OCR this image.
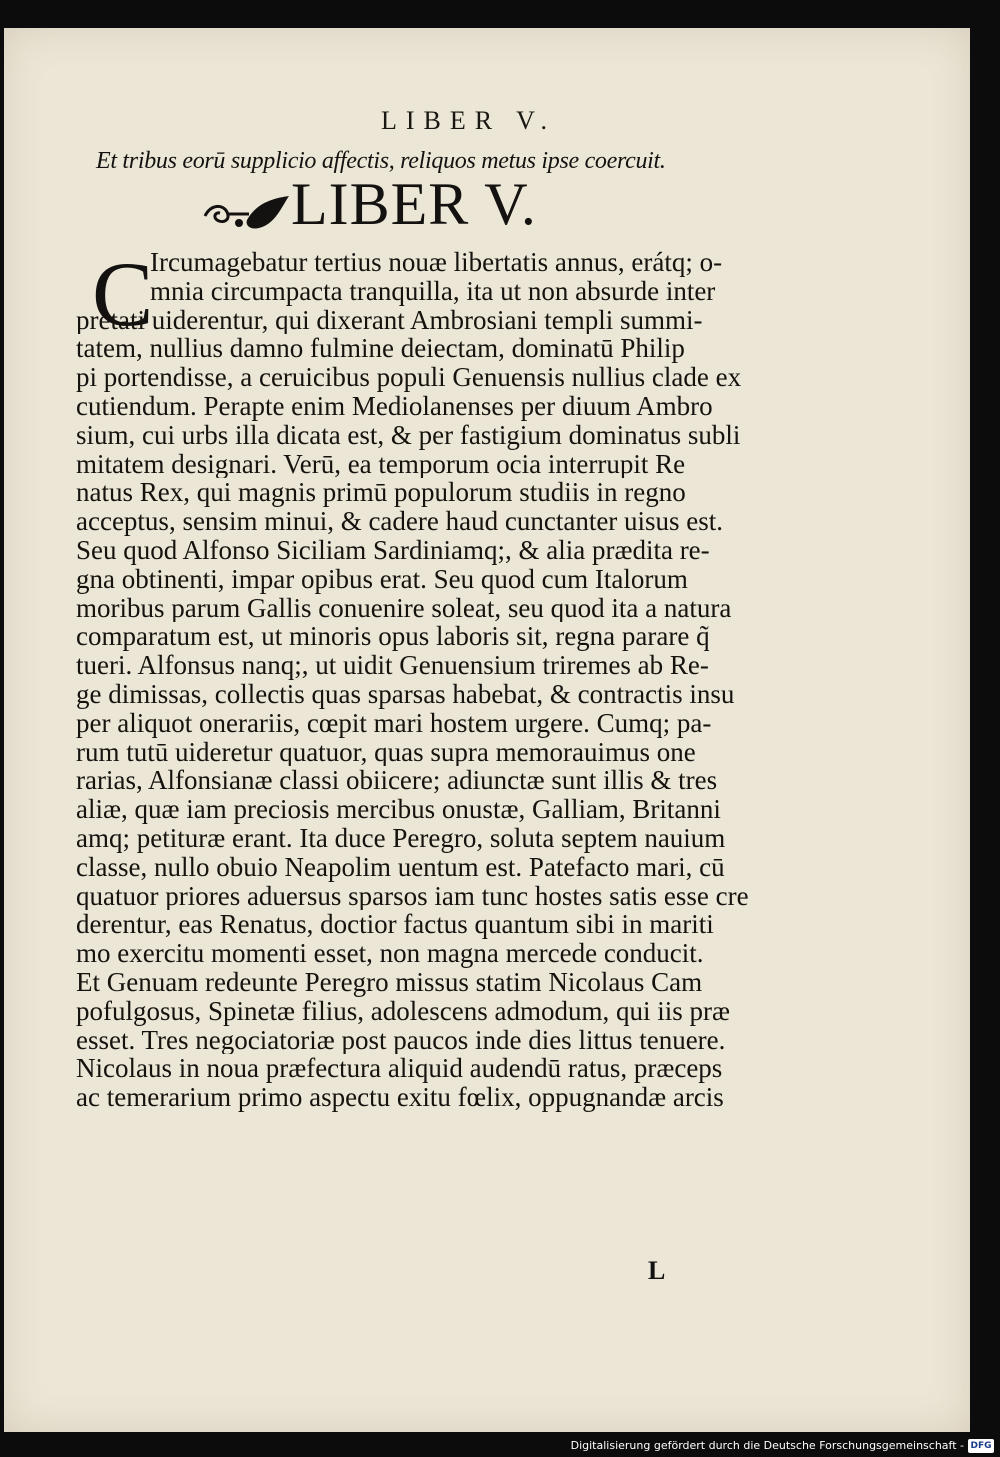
LIBER V.
Et tribus eorū supplicio affectis, reliquos metus ipse coercuit.
LIBER V.
C
Ircumagebatur tertius nouæ libertatis annus, erátq; o-
mnia circumpacta tranquilla, ita ut non absurde inter
pretati uiderentur, qui dixerant Ambrosiani templi summi-
tatem, nullius damno fulmine deiectam, dominatū Philip
pi portendisse, a ceruicibus populi Genuensis nullius clade ex
cutiendum. Perapte enim Mediolanenses per diuum Ambro
sium, cui urbs illa dicata est, & per fastigium dominatus subli
mitatem designari. Verū, ea temporum ocia interrupit Re
natus Rex, qui magnis primū populorum studiis in regno
acceptus, sensim minui, & cadere haud cunctanter uisus est.
Seu quod Alfonso Siciliam Sardiniamq;, & alia prædita re-
gna obtinenti, impar opibus erat. Seu quod cum Italorum
moribus parum Gallis conuenire soleat, seu quod ita a natura
comparatum est, ut minoris opus laboris sit, regna parare q̃
tueri. Alfonsus nanq;, ut uidit Genuensium triremes ab Re-
ge dimissas, collectis quas sparsas habebat, & contractis insu
per aliquot onerariis, cœpit mari hostem urgere. Cumq; pa-
rum tutū uideretur quatuor, quas supra memorauimus one
rarias, Alfonsianæ classi obiicere; adiunctæ sunt illis & tres
aliæ, quæ iam preciosis mercibus onustæ, Galliam, Britanni
amq; petituræ erant. Ita duce Peregro, soluta septem nauium
classe, nullo obuio Neapolim uentum est. Patefacto mari, cū
quatuor priores aduersus sparsos iam tunc hostes satis esse cre
derentur, eas Renatus, doctior factus quantum sibi in mariti
mo exercitu momenti esset, non magna mercede conducit.
Et Genuam redeunte Peregro missus statim Nicolaus Cam
pofulgosus, Spinetæ filius, adolescens admodum, qui iis præ
esset. Tres negociatoriæ post paucos inde dies littus tenuere.
Nicolaus in noua præfectura aliquid audendū ratus, præceps
ac temerarium primo aspectu exitu fœlix, oppugnandæ arcis
L
Digitalisierung gefördert durch die Deutsche Forschungsgemeinschaft - DFG
